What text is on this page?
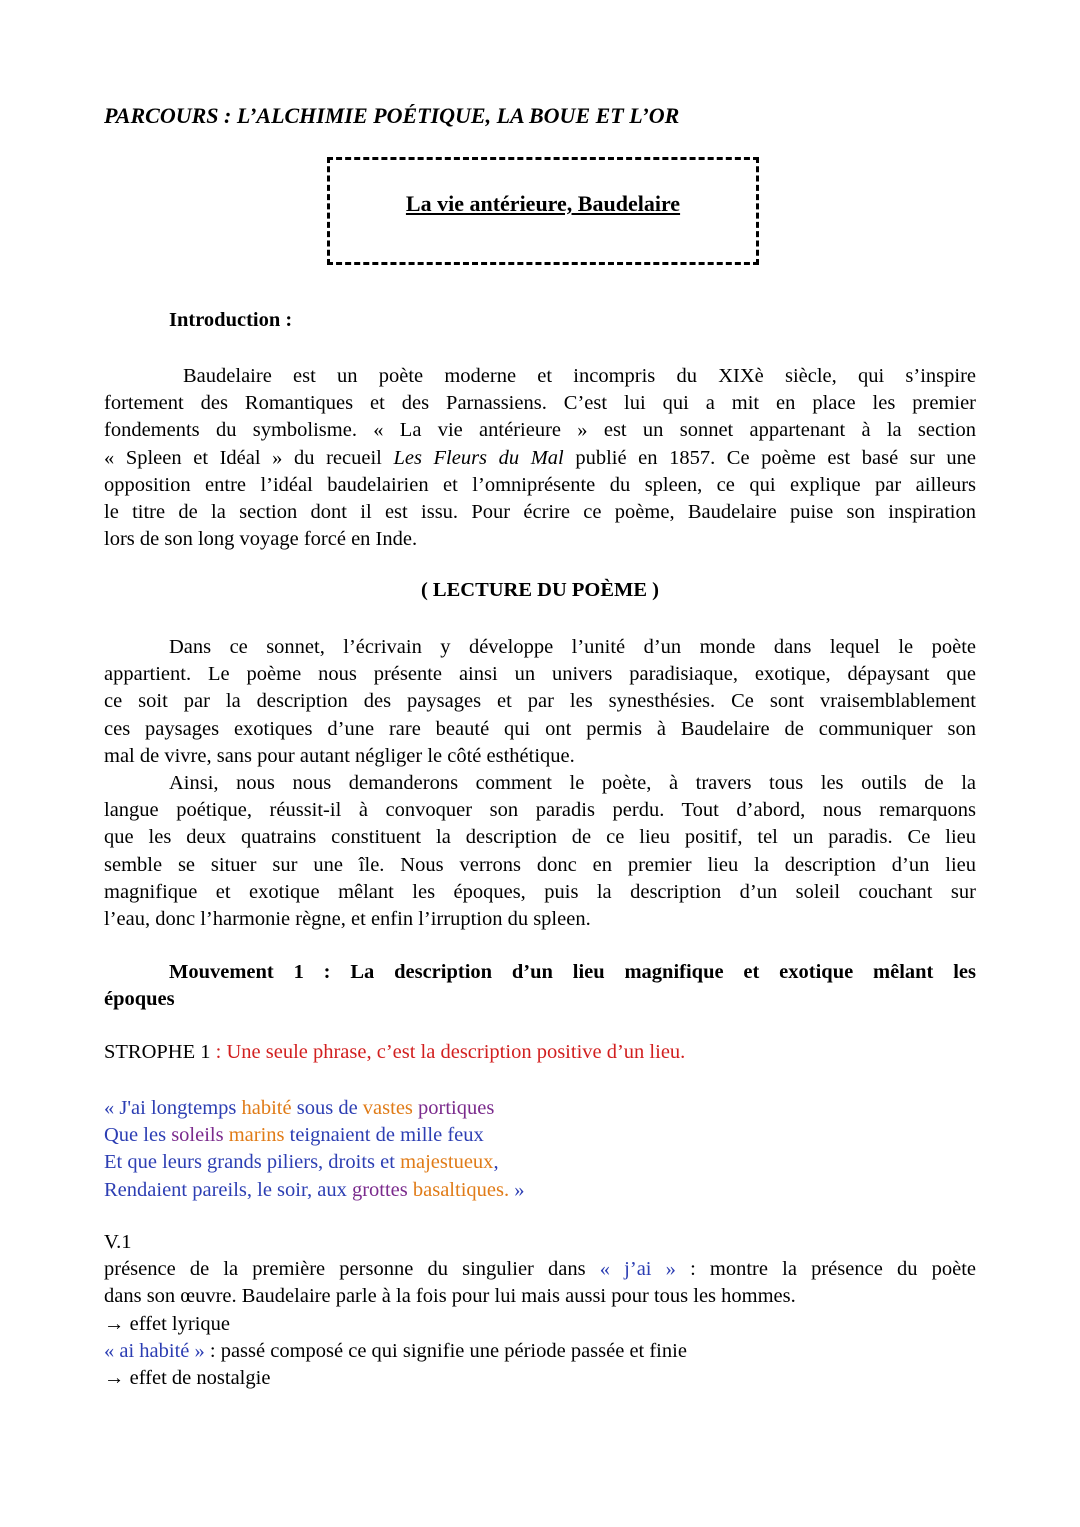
PARCOURS : L’ALCHIMIE POÉTIQUE, LA BOUE ET L’OR
La vie antérieure, Baudelaire
Introduction :
Baudelaire est un poète moderne et incompris du XIXè siècle, qui s’inspire
fortement des Romantiques et des Parnassiens. C’est lui qui a mit en place les premier
fondements du symbolisme. « La vie antérieure » est un sonnet appartenant à la section
« Spleen et Idéal » du recueil Les Fleurs du Mal publié en 1857. Ce poème est basé sur une
opposition entre l’idéal baudelairien et l’omniprésente du spleen, ce qui explique par ailleurs
le titre de la section dont il est issu. Pour écrire ce poème, Baudelaire puise son inspiration
lors de son long voyage forcé en Inde.
( LECTURE DU POÈME )
Dans ce sonnet, l’écrivain y développe l’unité d’un monde dans lequel le poète
appartient. Le poème nous présente ainsi un univers paradisiaque, exotique, dépaysant que
ce soit par la description des paysages et par les synesthésies. Ce sont vraisemblablement
ces paysages exotiques d’une rare beauté qui ont permis à Baudelaire de communiquer son
mal de vivre, sans pour autant négliger le côté esthétique.
Ainsi, nous nous demanderons comment le poète, à travers tous les outils de la
langue poétique, réussit-il à convoquer son paradis perdu. Tout d’abord, nous remarquons
que les deux quatrains constituent la description de ce lieu positif, tel un paradis. Ce lieu
semble se situer sur une île. Nous verrons donc en premier lieu la description d’un lieu
magnifique et exotique mêlant les époques, puis la description d’un soleil couchant sur
l’eau, donc l’harmonie règne, et enfin l’irruption du spleen.
Mouvement 1 : La description d’un lieu magnifique et exotique mêlant les
époques
STROPHE 1 : Une seule phrase, c’est la description positive d’un lieu.
« J'ai longtemps habité sous de vastes portiques
Que les soleils marins teignaient de mille feux
Et que leurs grands piliers, droits et majestueux,
Rendaient pareils, le soir, aux grottes basaltiques. »
V.1
présence de la première personne du singulier dans « j’ai » : montre la présence du poète
dans son œuvre. Baudelaire parle à la fois pour lui mais aussi pour tous les hommes.
→ effet lyrique
« ai habité » : passé composé ce qui signifie une période passée et finie
→ effet de nostalgie
